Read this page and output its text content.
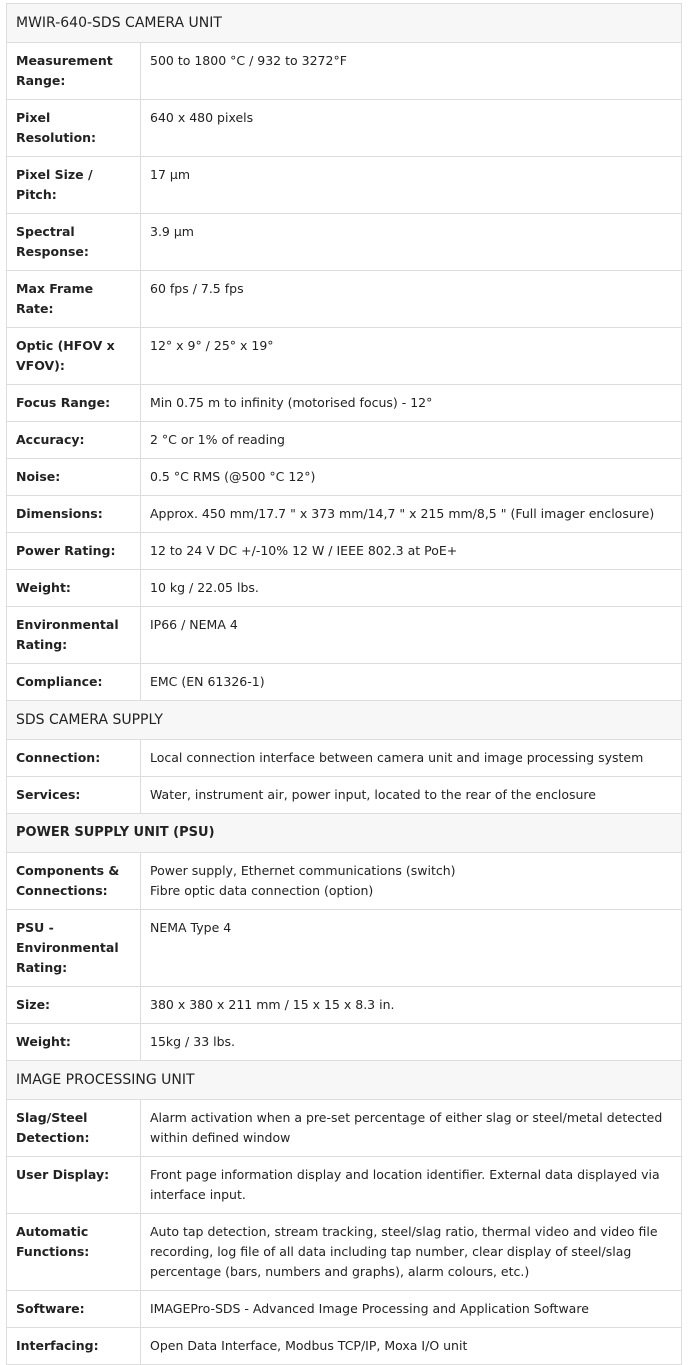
MWIR-640-SDS CAMERA UNIT	
Measurement Range:	500 to 1800 °C / 932 to 3272°F

Pixel Resolution:	640 x 480 pixels

Pixel Size / Pitch:	17 µm

Spectral Response:	3.9 µm

Max Frame Rate:	60 fps / 7.5 fps

Optic (HFOV x VFOV):	12° x 9° / 25° x 19°

Focus Range:	Min 0.75 m to infinity (motorised focus) - 12°

Accuracy:	2 °C or 1% of reading

Noise:	0.5 °C RMS (@500 °C 12°)

Dimensions:	Approx. 450 mm/17.7 " x 373 mm/14,7 " x 215 mm/8,5 " (Full imager enclosure)

Power Rating:	12 to 24 V DC +/-10% 12 W / IEEE 802.3 at PoE+

Weight:	10 kg / 22.05 lbs.

Environmental Rating:	IP66 / NEMA 4

Compliance:	EMC (EN 61326-1)

SDS CAMERA SUPPLY	
Connection:	Local connection interface between camera unit and image processing system

Services:	Water, instrument air, power input, located to the rear of the enclosure

POWER SUPPLY UNIT (PSU)	
Components & Connections:	Power supply, Ethernet communications (switch)
Fibre optic data connection (option)

PSU - Environmental Rating:	NEMA Type 4

Size:	380 x 380 x 211 mm / 15 x 15 x 8.3 in.

Weight:	15kg / 33 lbs.

IMAGE PROCESSING UNIT	
Slag/Steel Detection:	Alarm activation when a pre-set percentage of either slag or steel/metal detected within defined window

User Display:	Front page information display and location identifier. External data displayed via interface input.

Automatic Functions:	Auto tap detection, stream tracking, steel/slag ratio, thermal video and video file recording, log file of all data including tap number, clear display of steel/slag percentage (bars, numbers and graphs), alarm colours, etc.)

Software:	IMAGEPro-SDS - Advanced Image Processing and Application Software

Interfacing:	Open Data Interface, Modbus TCP/IP, Moxa I/O unit
